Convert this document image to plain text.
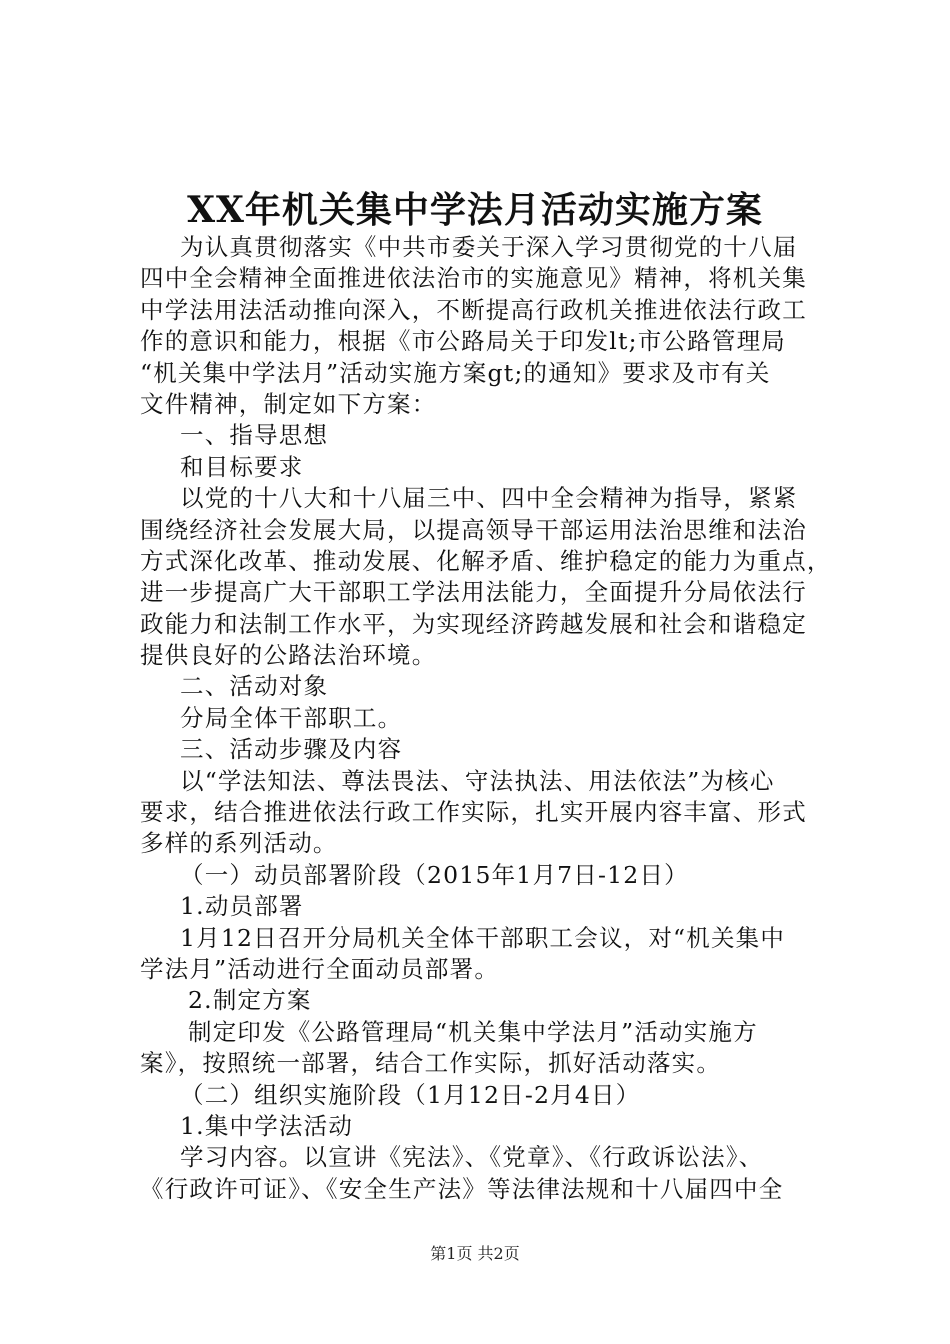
XX年机关集中学法月活动实施方案
为认真贯彻落实《中共市委关于深入学习贯彻党的十八届
四中全会精神全面推进依法治市的实施意见》精神，将机关集
中学法用法活动推向深入，不断提高行政机关推进依法行政工
作的意识和能力，根据《市公路局关于印发lt;市公路管理局
“机关集中学法月”活动实施方案gt;的通知》要求及市有关
文件精神，制定如下方案：
一、指导思想
和目标要求
以党的十八大和十八届三中、四中全会精神为指导，紧紧
围绕经济社会发展大局，以提高领导干部运用法治思维和法治
方式深化改革、推动发展、化解矛盾、维护稳定的能力为重点，
进一步提高广大干部职工学法用法能力，全面提升分局依法行
政能力和法制工作水平，为实现经济跨越发展和社会和谐稳定
提供良好的公路法治环境。
二、活动对象
分局全体干部职工。
三、活动步骤及内容
以“学法知法、尊法畏法、守法执法、用法依法”为核心
要求，结合推进依法行政工作实际，扎实开展内容丰富、形式
多样的系列活动。
（一）动员部署阶段（2015年1月7日-12日）
1.动员部署
1月12日召开分局机关全体干部职工会议，对“机关集中
学法月”活动进行全面动员部署。
2.制定方案
制定印发《公路管理局“机关集中学法月”活动实施方
案》，按照统一部署，结合工作实际，抓好活动落实。
（二）组织实施阶段（1月12日-2月4日）
1.集中学法活动
学习内容。以宣讲《宪法》、《党章》、《行政诉讼法》、
《行政许可证》、《安全生产法》等法律法规和十八届四中全
第1页 共2页
